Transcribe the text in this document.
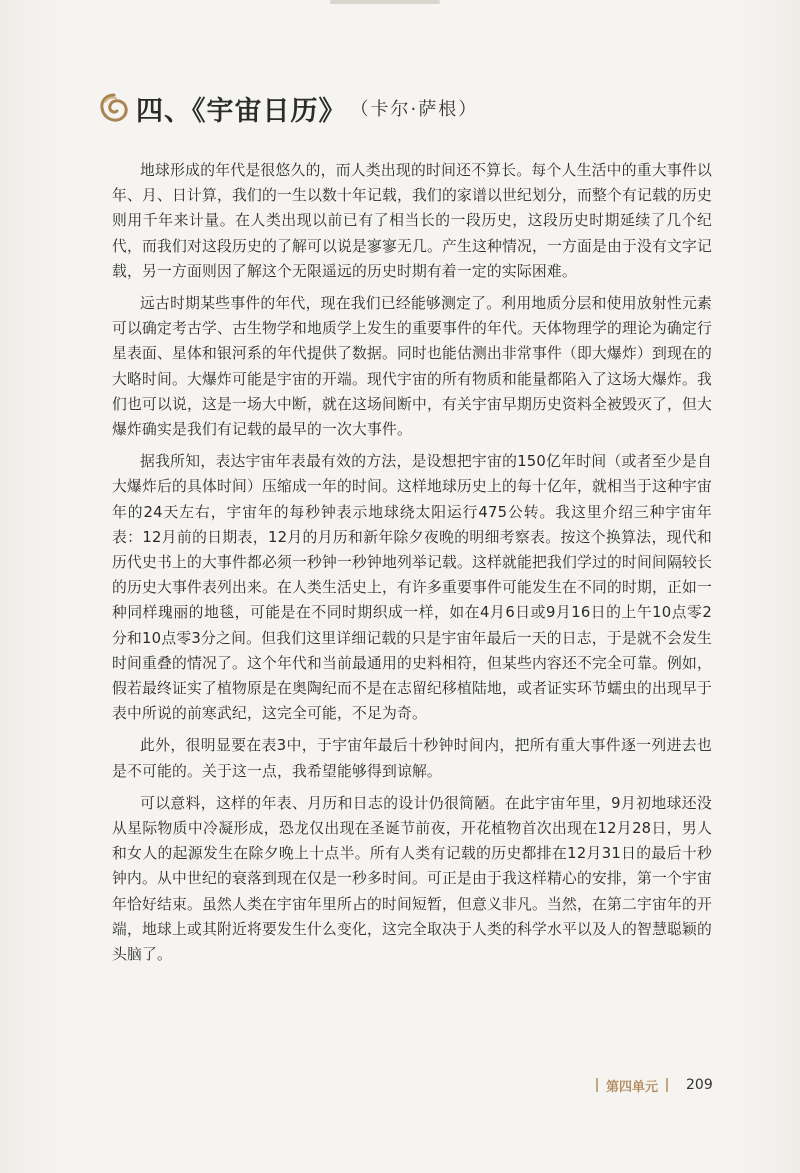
四、《宇宙日历》 （卡尔·萨根）

地球形成的年代是很悠久的，而人类出现的时间还不算长。每个人生活中的重大事件以年、月、日计算，我们的一生以数十年记载，我们的家谱以世纪划分，而整个有记载的历史则用千年来计量。在人类出现以前已有了相当长的一段历史，这段历史时期延续了几个纪代，而我们对这段历史的了解可以说是寥寥无几。产生这种情况，一方面是由于没有文字记载，另一方面则因了解这个无限遥远的历史时期有着一定的实际困难。

远古时期某些事件的年代，现在我们已经能够测定了。利用地质分层和使用放射性元素可以确定考古学、古生物学和地质学上发生的重要事件的年代。天体物理学的理论为确定行星表面、星体和银河系的年代提供了数据。同时也能估测出非常事件（即大爆炸）到现在的大略时间。大爆炸可能是宇宙的开端。现代宇宙的所有物质和能量都陷入了这场大爆炸。我们也可以说，这是一场大中断，就在这场间断中，有关宇宙早期历史资料全被毁灭了，但大爆炸确实是我们有记载的最早的一次大事件。

据我所知，表达宇宙年表最有效的方法，是设想把宇宙的150亿年时间（或者至少是自大爆炸后的具体时间）压缩成一年的时间。这样地球历史上的每十亿年，就相当于这种宇宙年的24天左右，宇宙年的每秒钟表示地球绕太阳运行475公转。我这里介绍三种宇宙年表：12月前的日期表，12月的月历和新年除夕夜晚的明细考察表。按这个换算法，现代和历代史书上的大事件都必须一秒钟一秒钟地列举记载。这样就能把我们学过的时间间隔较长的历史大事件表列出来。在人类生活史上，有许多重要事件可能发生在不同的时期，正如一种同样瑰丽的地毯，可能是在不同时期织成一样，如在4月6日或9月16日的上午10点零2分和10点零3分之间。但我们这里详细记载的只是宇宙年最后一天的日志，于是就不会发生时间重叠的情况了。这个年代和当前最通用的史料相符，但某些内容还不完全可靠。例如，假若最终证实了植物原是在奥陶纪而不是在志留纪移植陆地，或者证实环节蠕虫的出现早于表中所说的前寒武纪，这完全可能，不足为奇。

此外，很明显要在表3中，于宇宙年最后十秒钟时间内，把所有重大事件逐一列进去也是不可能的。关于这一点，我希望能够得到谅解。

可以意料，这样的年表、月历和日志的设计仍很简陋。在此宇宙年里，9月初地球还没从星际物质中冷凝形成，恐龙仅出现在圣诞节前夜，开花植物首次出现在12月28日，男人和女人的起源发生在除夕晚上十点半。所有人类有记载的历史都排在12月31日的最后十秒钟内。从中世纪的衰落到现在仅是一秒多时间。可正是由于我这样精心的安排，第一个宇宙年恰好结束。虽然人类在宇宙年里所占的时间短暂，但意义非凡。当然，在第二宇宙年的开端，地球上或其附近将要发生什么变化，这完全取决于人类的科学水平以及人的智慧聪颖的头脑了。

第四单元 209
